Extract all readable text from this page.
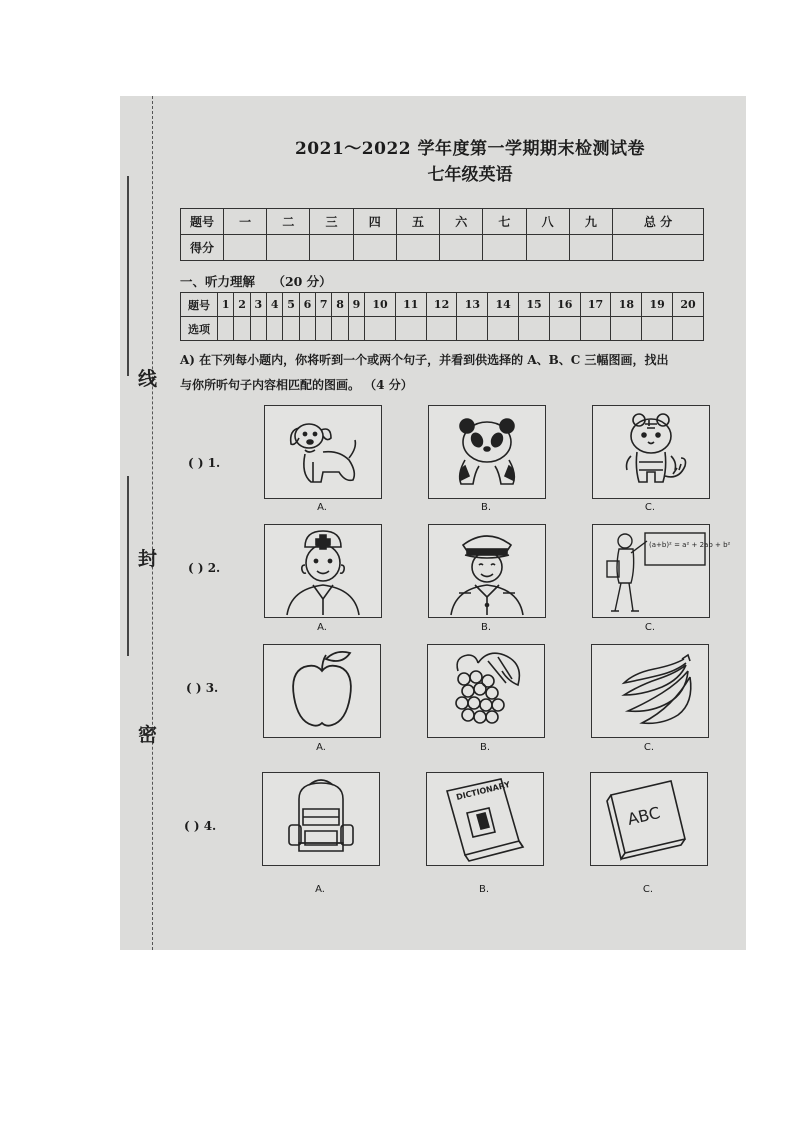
线
封
密
2021～2022 学年度第一学期期末检测试卷
七年级英语
题号	一	二	三	四	五	六	七	八	九	总 分
得分										
一、听力理解 （20 分）
题号	1	2	3	4	5	6	7	8	9	10	11	12	13	14	15	16	17	18	19	20
选项																				
A) 在下列每小题内，你将听到一个或两个句子，并看到供选择的 A、B、C 三幅图画，找出
与你所听句子内容相匹配的图画。 （4 分）
( ) 1.
( ) 2.
( ) 3.
( ) 4.
A.	B.	C.
A.	B.
(a+b)² = a² + 2ab + b²
C.
A.	B.	C.
A.
DICTIONARY
B.
ABC
C.
